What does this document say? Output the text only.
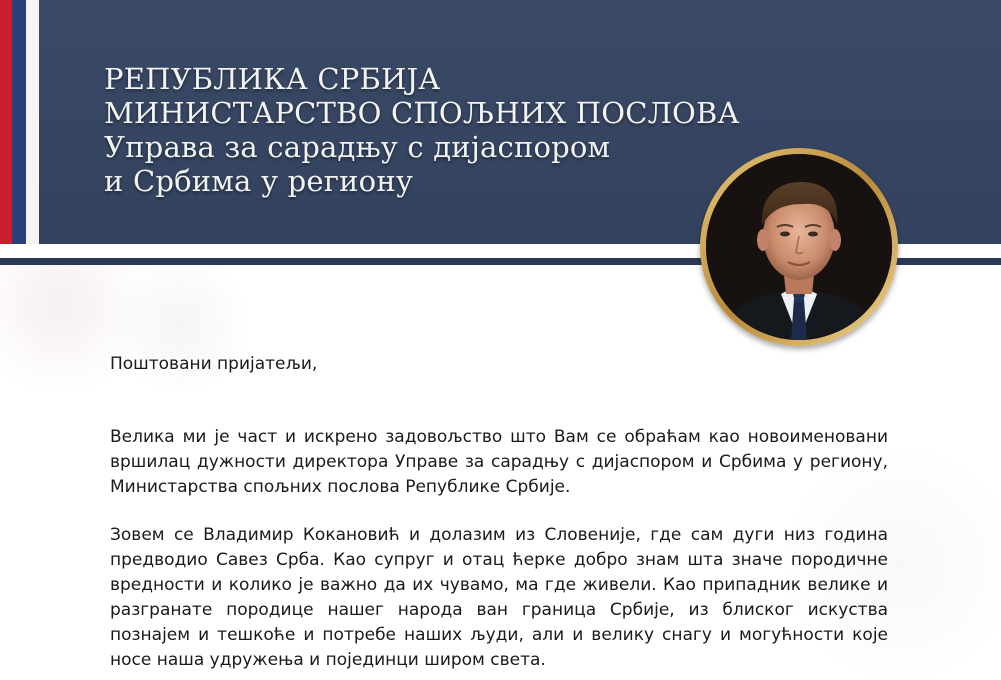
РЕПУБЛИКА СРБИЈА
МИНИСТАРСТВО СПОЉНИХ ПОСЛОВА
Управа за сарадњу с дијаспором
и Србима у региону
Поштовани пријатељи,
Велика ми је част и искрено задовољство што Вам се обраћам као новоименовани
вршилац дужности директора Управе за сарадњу с дијаспором и Србима у региону,
Министарства спољних послова Републике Србије.
Зовем се Владимир Кокановић и долазим из Словеније, где сам дуги низ година
предводио Савез Срба. Као супруг и отац ћерке добро знам шта значе породичне
вредности и колико је важно да их чувамо, ма где живели. Као припадник велике и
разгранате породице нашег народа ван граница Србије, из блиског искуства
познајем и тешкоће и потребе наших људи, али и велику снагу и могућности које
носе наша удружења и појединци широм света.
